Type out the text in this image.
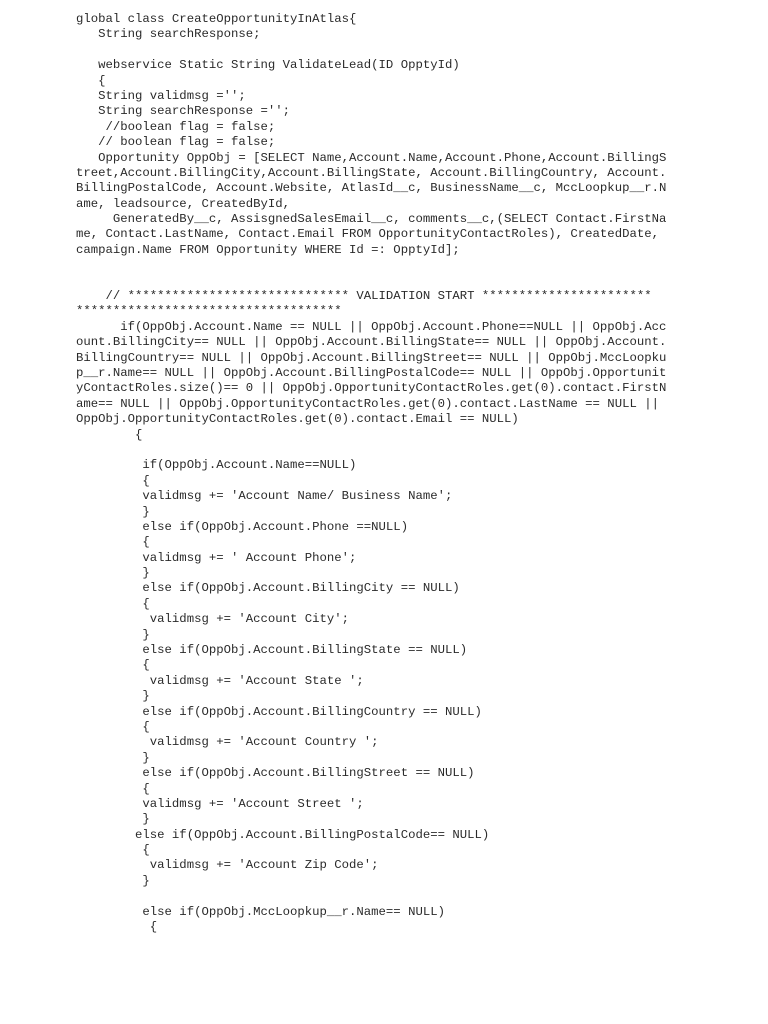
global class CreateOpportunityInAtlas{
String searchResponse;
webservice Static String ValidateLead(ID OpptyId)
{
String validmsg ='';
String searchResponse ='';
//boolean flag = false;
// boolean flag = false;
Opportunity OppObj = [SELECT Name,Account.Name,Account.Phone,Account.BillingS
treet,Account.BillingCity,Account.BillingState, Account.BillingCountry, Account.
BillingPostalCode, Account.Website, AtlasId__c, BusinessName__c, MccLoopkup__r.N
ame, leadsource, CreatedById,
GeneratedBy__c, AssisgnedSalesEmail__c, comments__c,(SELECT Contact.FirstNa
me, Contact.LastName, Contact.Email FROM OpportunityContactRoles), CreatedDate,
campaign.Name FROM Opportunity WHERE Id =: OpptyId];
// ****************************** VALIDATION START ***********************
************************************
if(OppObj.Account.Name == NULL || OppObj.Account.Phone==NULL || OppObj.Acc
ount.BillingCity== NULL || OppObj.Account.BillingState== NULL || OppObj.Account.
BillingCountry== NULL || OppObj.Account.BillingStreet== NULL || OppObj.MccLoopku
p__r.Name== NULL || OppObj.Account.BillingPostalCode== NULL || OppObj.Opportunit
yContactRoles.size()== 0 || OppObj.OpportunityContactRoles.get(0).contact.FirstN
ame== NULL || OppObj.OpportunityContactRoles.get(0).contact.LastName == NULL ||
OppObj.OpportunityContactRoles.get(0).contact.Email == NULL)
{
if(OppObj.Account.Name==NULL)
{
validmsg += 'Account Name/ Business Name';
}
else if(OppObj.Account.Phone ==NULL)
{
validmsg += ' Account Phone';
}
else if(OppObj.Account.BillingCity == NULL)
{
validmsg += 'Account City';
}
else if(OppObj.Account.BillingState == NULL)
{
validmsg += 'Account State ';
}
else if(OppObj.Account.BillingCountry == NULL)
{
validmsg += 'Account Country ';
}
else if(OppObj.Account.BillingStreet == NULL)
{
validmsg += 'Account Street ';
}
else if(OppObj.Account.BillingPostalCode== NULL)
{
validmsg += 'Account Zip Code';
}
else if(OppObj.MccLoopkup__r.Name== NULL)
{
